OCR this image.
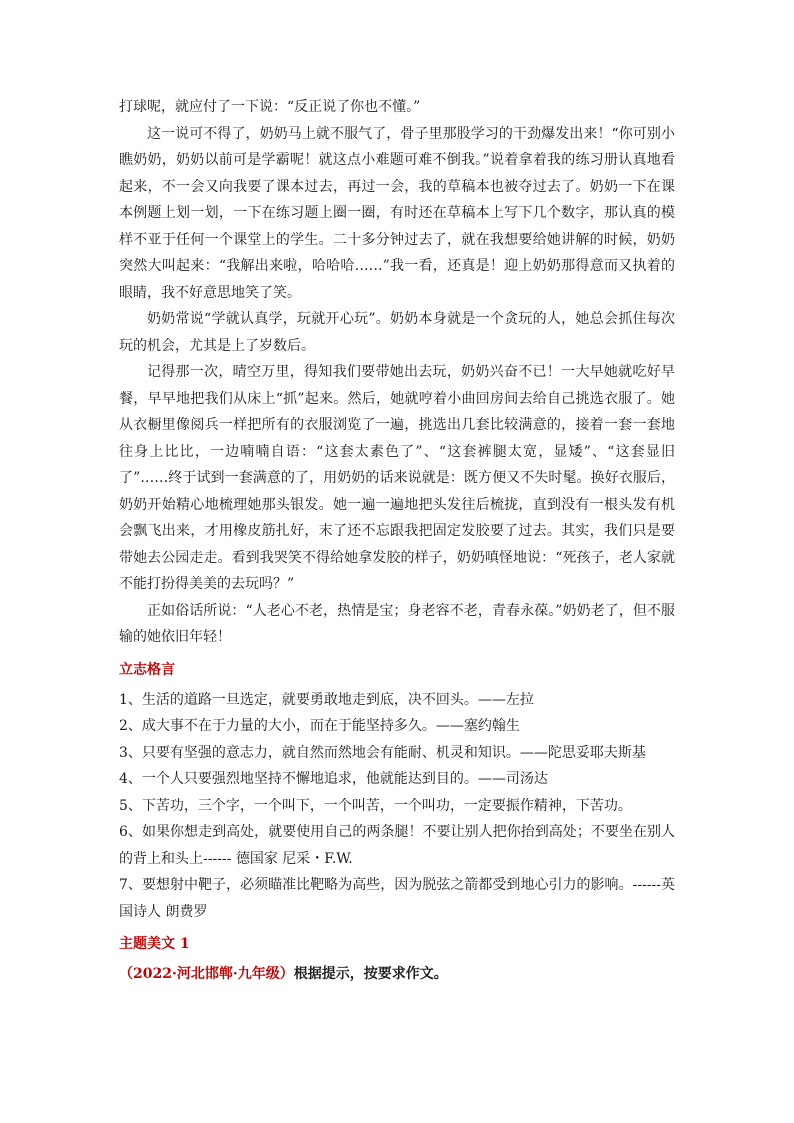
打球呢，就应付了一下说：“反正说了你也不懂。”

这一说可不得了，奶奶马上就不服气了，骨子里那股学习的干劲爆发出来！“你可别小瞧奶奶，奶奶以前可是学霸呢！就这点小难题可难不倒我。”说着拿着我的练习册认真地看起来，不一会又向我要了课本过去，再过一会，我的草稿本也被夺过去了。奶奶一下在课本例题上划一划，一下在练习题上圈一圈，有时还在草稿本上写下几个数字，那认真的模样不亚于任何一个课堂上的学生。二十多分钟过去了，就在我想要给她讲解的时候，奶奶突然大叫起来：“我解出来啦，哈哈哈……”我一看，还真是！迎上奶奶那得意而又执着的眼睛，我不好意思地笑了笑。

奶奶常说“学就认真学，玩就开心玩”。奶奶本身就是一个贪玩的人，她总会抓住每次玩的机会，尤其是上了岁数后。

记得那一次，晴空万里，得知我们要带她出去玩，奶奶兴奋不已！一大早她就吃好早餐，早早地把我们从床上“抓”起来。然后，她就哼着小曲回房间去给自己挑选衣服了。她从衣橱里像阅兵一样把所有的衣服浏览了一遍，挑选出几套比较满意的，接着一套一套地往身上比比，一边喃喃自语：“这套太素色了”、“这套裤腿太宽，显矮”、“这套显旧了”……终于试到一套满意的了，用奶奶的话来说就是：既方便又不失时髦。换好衣服后，奶奶开始精心地梳理她那头银发。她一遍一遍地把头发往后梳拢，直到没有一根头发有机会飘飞出来，才用橡皮筋扎好，末了还不忘跟我把固定发胶要了过去。其实，我们只是要带她去公园走走。看到我哭笑不得给她拿发胶的样子，奶奶嗔怪地说：“死孩子，老人家就不能打扮得美美的去玩吗？”

正如俗话所说：“人老心不老，热情是宝；身老容不老，青春永葆。”奶奶老了，但不服输的她依旧年轻！

立志格言

1、生活的道路一旦选定，就要勇敢地走到底，决不回头。——左拉

2、成大事不在于力量的大小，而在于能坚持多久。——塞约翰生

3、只要有坚强的意志力，就自然而然地会有能耐、机灵和知识。——陀思妥耶夫斯基

4、一个人只要强烈地坚持不懈地追求，他就能达到目的。——司汤达

5、下苦功，三个字，一个叫下，一个叫苦，一个叫功，一定要振作精神，下苦功。

6、如果你想走到高处，就要使用自己的两条腿！不要让别人把你抬到高处；不要坐在别人的背上和头上------ 德国家 尼采・F.W.

7、要想射中靶子，必须瞄准比靶略为高些，因为脱弦之箭都受到地心引力的影响。------英国诗人 朗费罗

主题美文 1

（2022·河北邯郸·九年级）根据提示，按要求作文。
